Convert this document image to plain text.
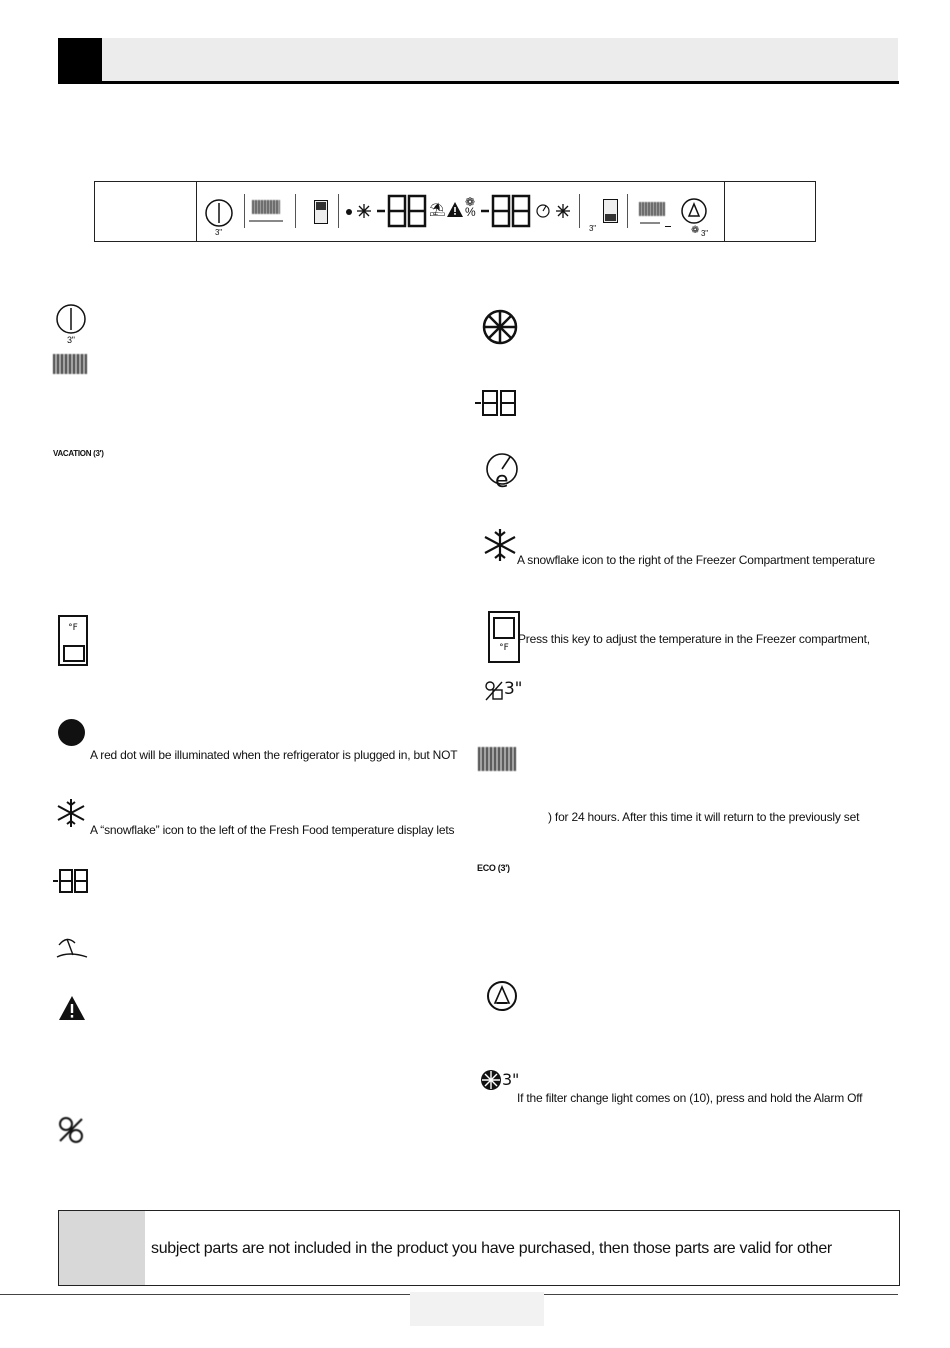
3"
⛱ ❁
%
3"	❁ 3"
3"
VACATION (3')
°F
A red dot will be illuminated when the refrigerator is plugged in, but NOT
A “snowflake” icon to the left of the Fresh Food temperature display lets
e
A snowflake icon to the right of the Freezer Compartment temperature
°F
Press this key to adjust the temperature in the Freezer compartment,
3"
) for 24 hours. After this time it will return to the previously set
ECO (3')
3"
If the filter change light comes on (10), press and hold the Alarm Off
subject parts are not included in the product you have purchased, then those parts are valid for other
